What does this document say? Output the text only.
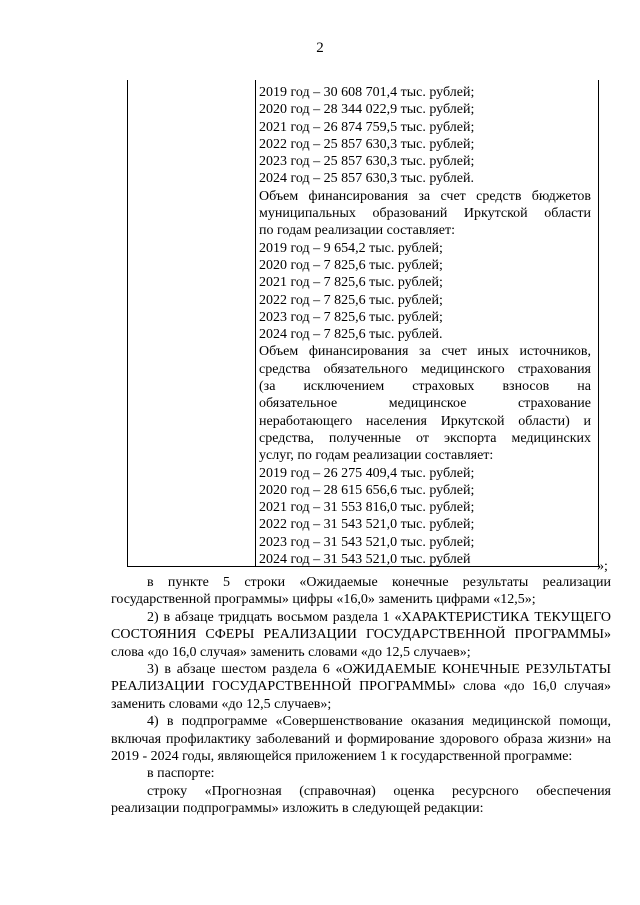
2

2019 год – 30 608 701,4 тыс. рублей;

2020 год – 28 344 022,9 тыс. рублей;

2021 год – 26 874 759,5 тыс. рублей;

2022 год – 25 857 630,3 тыс. рублей;

2023 год – 25 857 630,3 тыс. рублей;

2024 год – 25 857 630,3 тыс. рублей.

Объем финансирования за счет средств бюджетов

муниципальных образований Иркутской области

по годам реализации составляет:

2019 год – 9 654,2 тыс. рублей;

2020 год – 7 825,6 тыс. рублей;

2021 год – 7 825,6 тыс. рублей;

2022 год – 7 825,6 тыс. рублей;

2023 год – 7 825,6 тыс. рублей;

2024 год – 7 825,6 тыс. рублей.

Объем финансирования за счет иных источников,

средства обязательного медицинского страхования

(за исключением страховых взносов на

обязательное медицинское страхование

неработающего населения Иркутской области) и

средства, полученные от экспорта медицинских

услуг, по годам реализации составляет:

2019 год – 26 275 409,4 тыс. рублей;

2020 год – 28 615 656,6 тыс. рублей;

2021 год – 31 553 816,0 тыс. рублей;

2022 год – 31 543 521,0 тыс. рублей;

2023 год – 31 543 521,0 тыс. рублей;

2024 год – 31 543 521,0 тыс. рублей	»;

в пункте 5 строки «Ожидаемые конечные результаты реализации государственной программы» цифры «16,0» заменить цифрами «12,5»;

2) в абзаце тридцать восьмом раздела 1 «ХАРАКТЕРИСТИКА ТЕКУЩЕГО СОСТОЯНИЯ СФЕРЫ РЕАЛИЗАЦИИ ГОСУДАРСТВЕННОЙ ПРОГРАММЫ» слова «до 16,0 случая» заменить словами «до 12,5 случаев»;

3) в абзаце шестом раздела 6 «ОЖИДАЕМЫЕ КОНЕЧНЫЕ РЕЗУЛЬТАТЫ РЕАЛИЗАЦИИ ГОСУДАРСТВЕННОЙ ПРОГРАММЫ» слова «до 16,0 случая» заменить словами «до 12,5 случаев»;

4) в подпрограмме «Совершенствование оказания медицинской помощи, включая профилактику заболеваний и формирование здорового образа жизни» на 2019 - 2024 годы, являющейся приложением 1 к государственной программе:

в паспорте:

строку «Прогнозная (справочная) оценка ресурсного обеспечения реализации подпрограммы» изложить в следующей редакции:
